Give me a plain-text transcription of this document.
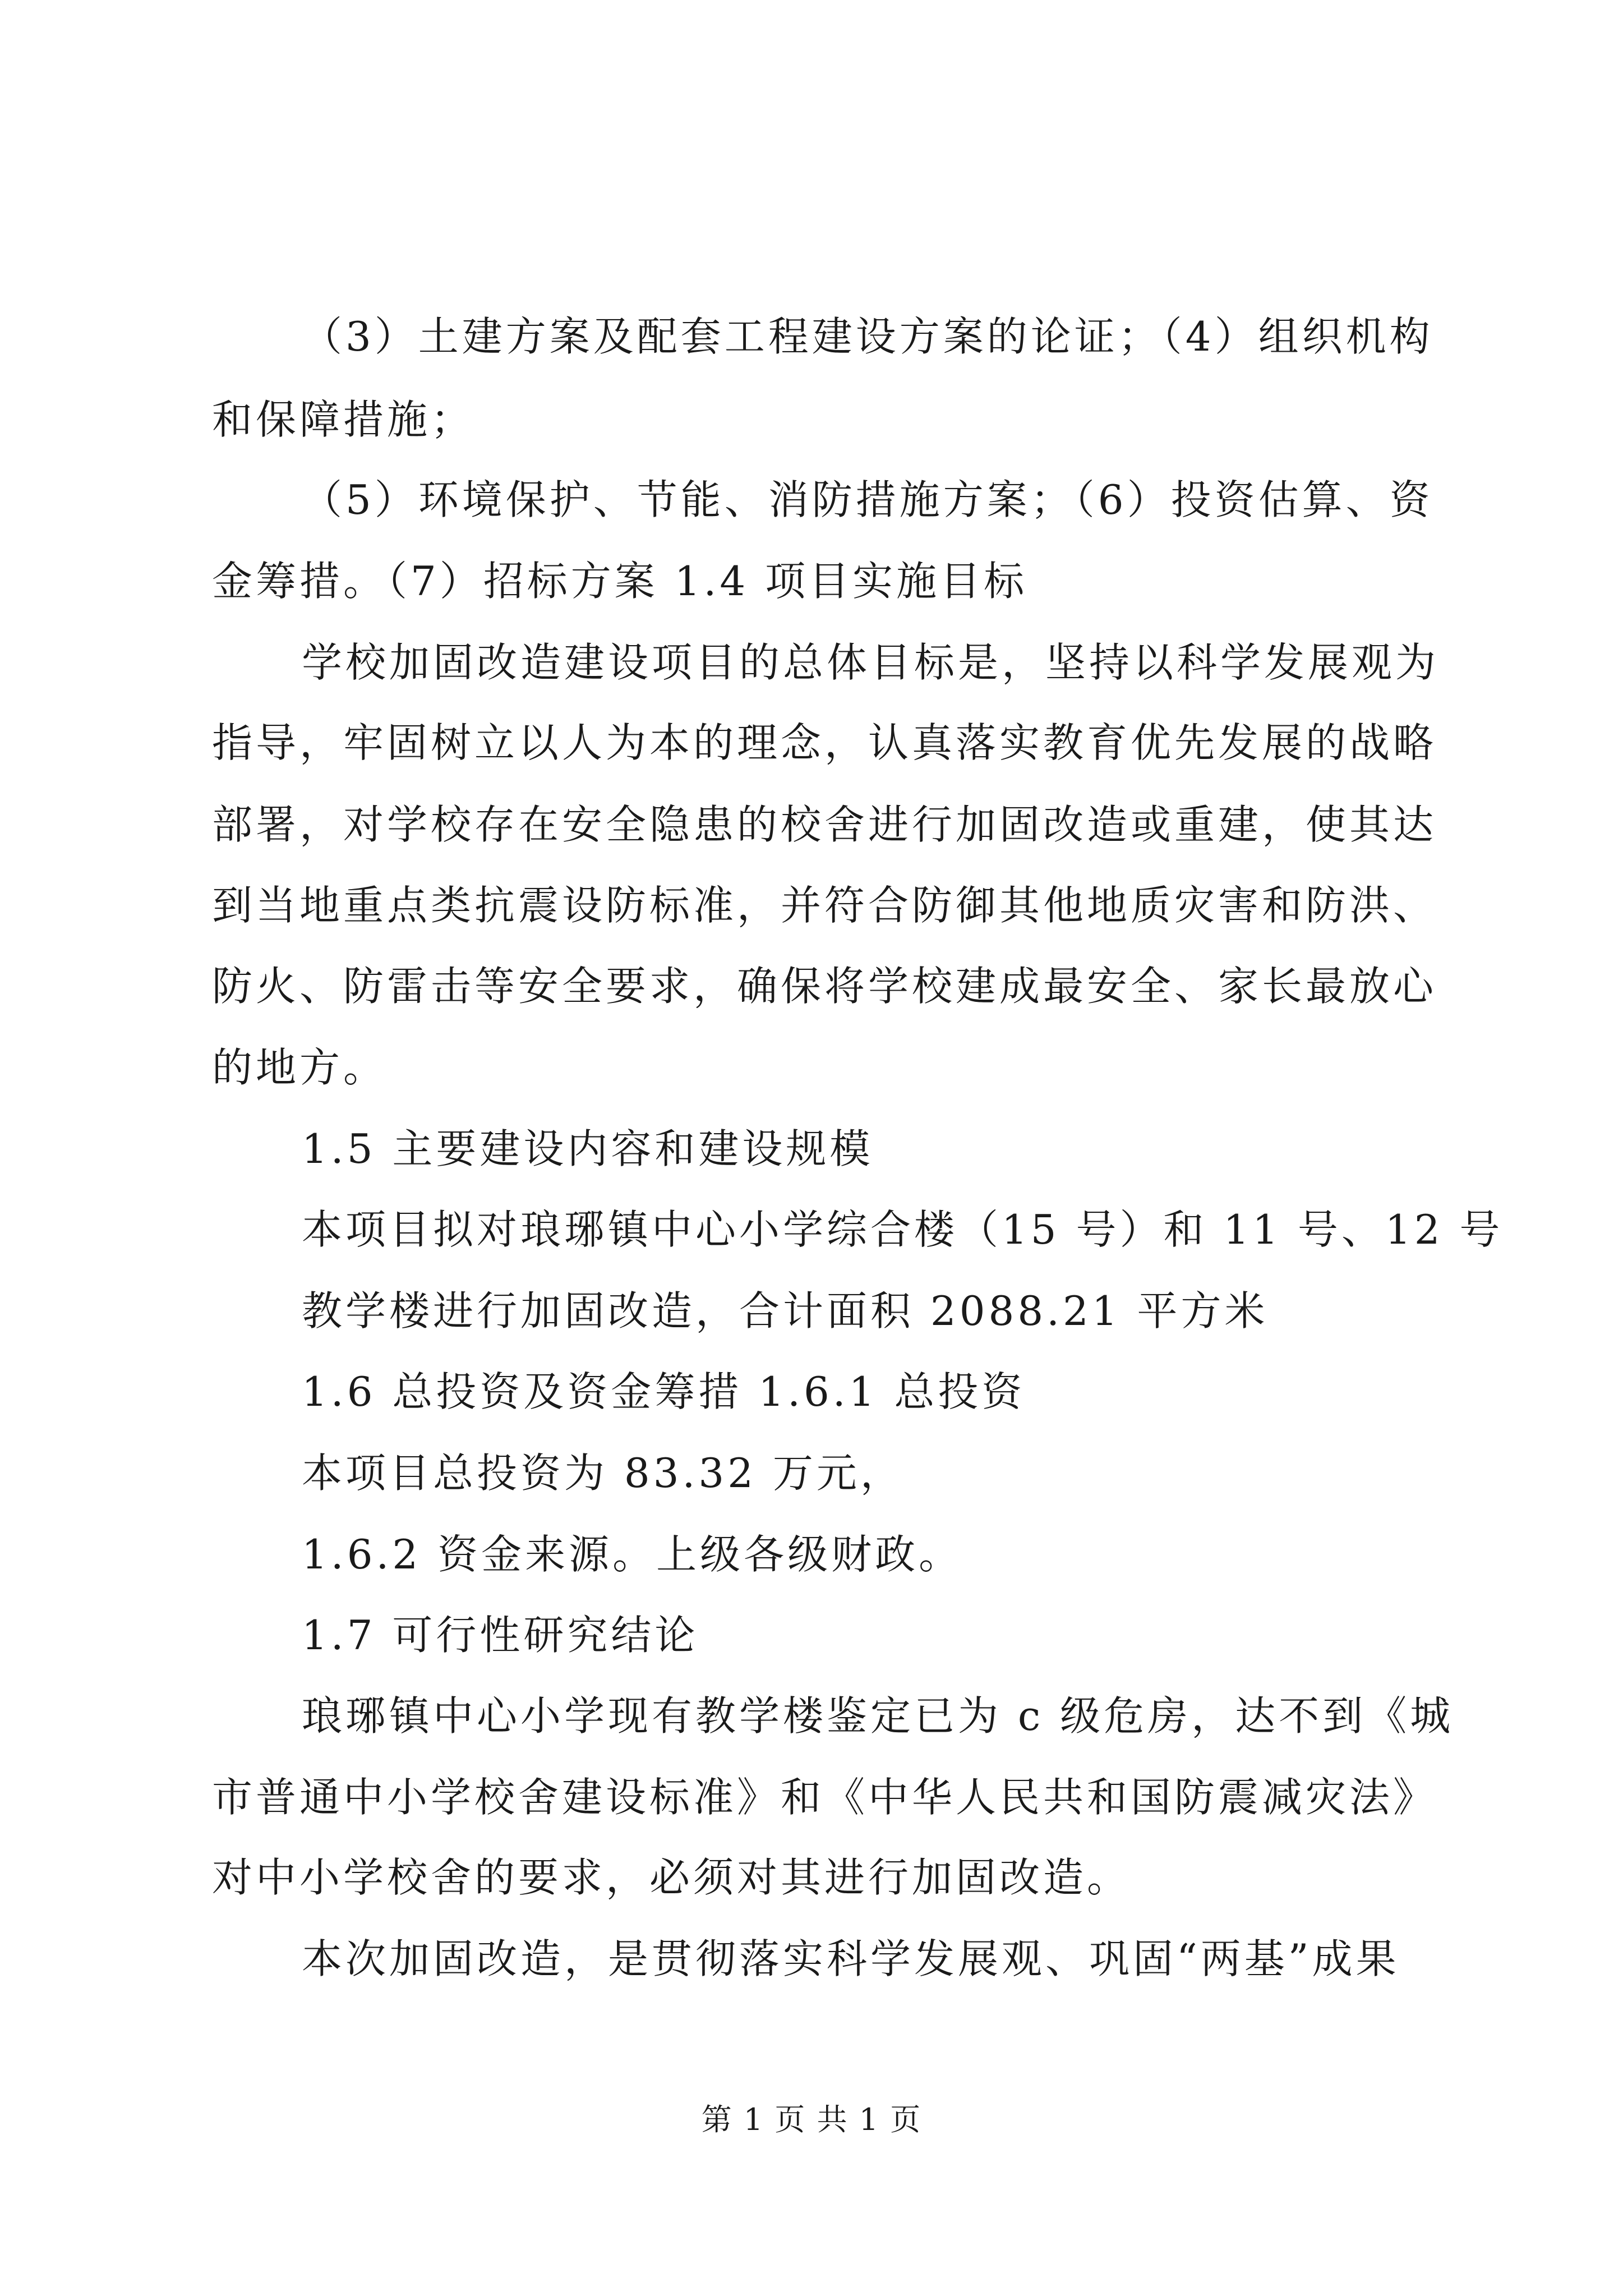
（3）土建方案及配套工程建设方案的论证；（4）组织机构
和保障措施；
（5）环境保护、节能、消防措施方案；（6）投资估算、资
金筹措。（7）招标方案 1.4 项目实施目标
学校加固改造建设项目的总体目标是，坚持以科学发展观为
指导，牢固树立以人为本的理念，认真落实教育优先发展的战略
部署，对学校存在安全隐患的校舍进行加固改造或重建，使其达
到当地重点类抗震设防标准，并符合防御其他地质灾害和防洪、
防火、防雷击等安全要求，确保将学校建成最安全、家长最放心
的地方。
1.5 主要建设内容和建设规模
本项目拟对琅琊镇中心小学综合楼（15 号）和 11 号、12 号
教学楼进行加固改造，合计面积 2088.21 平方米
1.6 总投资及资金筹措 1.6.1 总投资
本项目总投资为 83.32 万元，
1.6.2 资金来源。上级各级财政。
1.7 可行性研究结论
琅琊镇中心小学现有教学楼鉴定已为 c 级危房，达不到《城
市普通中小学校舍建设标准》和《中华人民共和国防震减灾法》
对中小学校舍的要求，必须对其进行加固改造。
本次加固改造，是贯彻落实科学发展观、巩固“两基”成果
第 1 页 共 1 页
